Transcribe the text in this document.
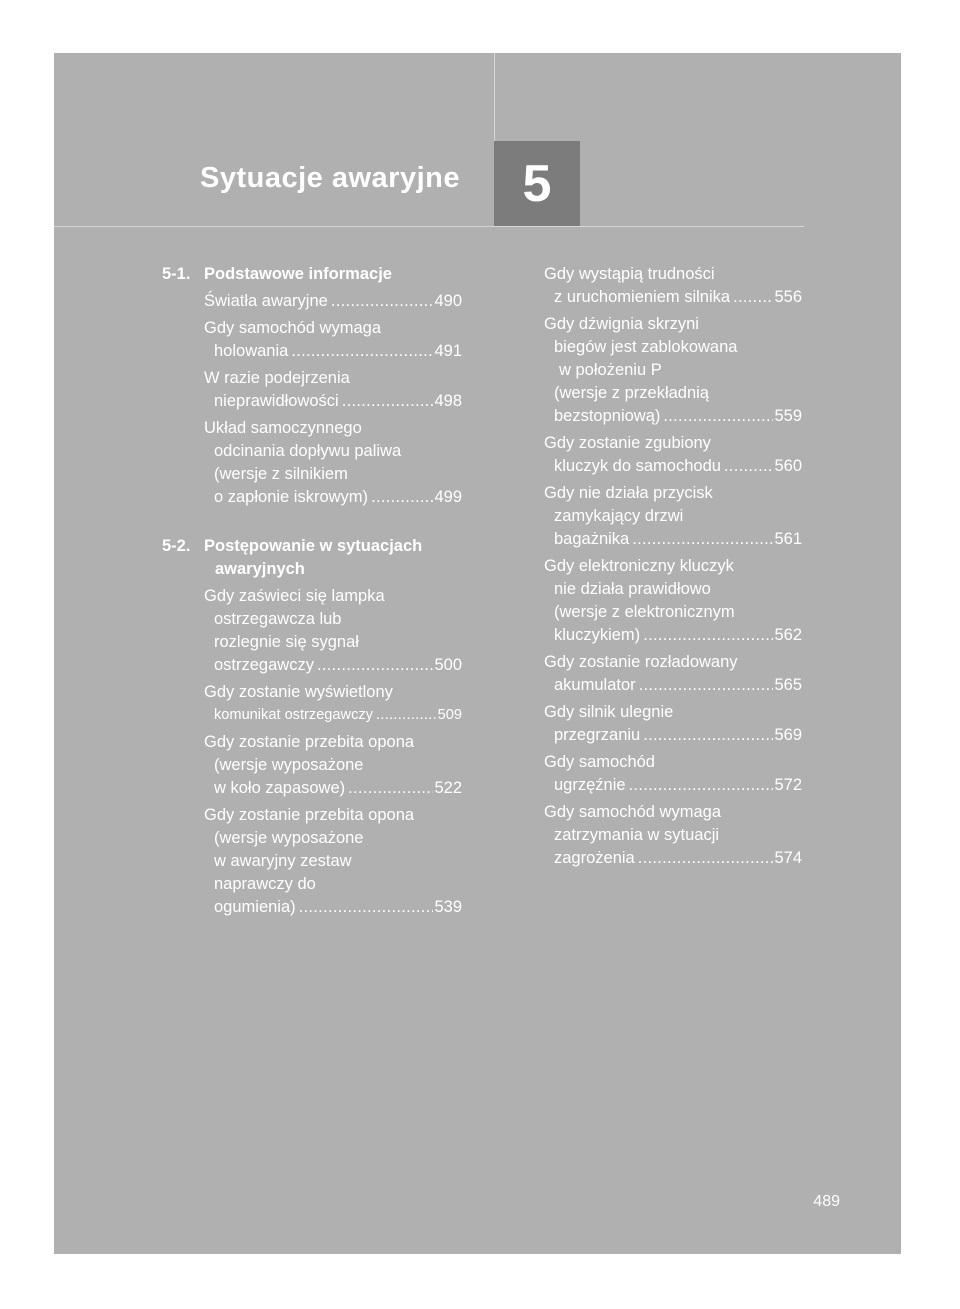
Sytuacje awaryjne 5
5-1. Podstawowe informacje
Światła awaryjne .....	490
Gdy samochód wymaga
holowania .....	491
W razie podejrzenia
nieprawidłowości .....	498
Układ samoczynnego
odcinania dopływu paliwa
(wersje z silnikiem
o zapłonie iskrowym) .....	499
5-2. Postępowanie w sytuacjach
awaryjnych
Gdy zaświeci się lampka
ostrzegawcza lub
rozlegnie się sygnał
ostrzegawczy .....	500
Gdy zostanie wyświetlony
komunikat ostrzegawczy .....	509
Gdy zostanie przebita opona
(wersje wyposażone
w koło zapasowe) .....	522
Gdy zostanie przebita opona
(wersje wyposażone
w awaryjny zestaw
naprawczy do
ogumienia) .....	539
Gdy wystąpią trudności
z uruchomieniem silnika .....	556
Gdy dźwignia skrzyni
biegów jest zablokowana
w położeniu P
(wersje z przekładnią
bezstopniową) .....	559
Gdy zostanie zgubiony
kluczyk do samochodu .....	560
Gdy nie działa przycisk
zamykający drzwi
bagażnika .....	561
Gdy elektroniczny kluczyk
nie działa prawidłowo
(wersje z elektronicznym
kluczykiem) .....	562
Gdy zostanie rozładowany
akumulator .....	565
Gdy silnik ulegnie
przegrzaniu .....	569
Gdy samochód
ugrzęźnie .....	572
Gdy samochód wymaga
zatrzymania w sytuacji
zagrożenia .....	574
489
